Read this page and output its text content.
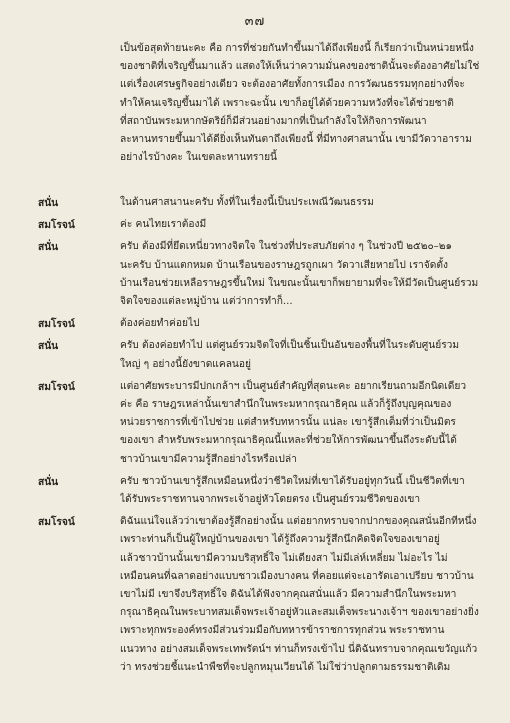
๓๗

เป็นข้อสุดท้ายนะคะ คือ การที่ช่วยกันทำขึ้นมาได้ถึงเพียงนี้ ก็เรียกว่าเป็นหน่วยหนึ่ง

ของชาติที่เจริญขึ้นมาแล้ว แสดงให้เห็นว่าความมั่นคงของชาตินั้นจะต้องอาศัยไม่ใช่

แต่เรื่องเศรษฐกิจอย่างเดียว จะต้องอาศัยทั้งการเมือง การวัฒนธรรมทุกอย่างที่จะ

ทำให้คนเจริญขึ้นมาได้ เพราะฉะนั้น เขาก็อยู่ได้ด้วยความหวังที่จะได้ช่วยชาติ

ที่สถาบันพระมหากษัตริย์ก็มีส่วนอย่างมากที่เป็นกำลังใจให้กิจการพัฒนา

ละหานทรายขึ้นมาได้ดียิ่งเห็นทันตาถึงเพียงนี้ ที่มีทางศาสนานั้น เขามีวัดวาอาราม

อย่างไรบ้างคะ ในเขตละหานทรายนี้

สนั่น	ในด้านศาสนานะครับ ทั้งที่ในเรื่องนี้เป็นประเพณีวัฒนธรรม
สมโรจน์	ค่ะ คนไทยเราต้องมี
สนั่น	ครับ ต้องมีที่ยึดเหนี่ยวทางจิตใจ ในช่วงที่ประสบภัยต่าง ๆ ในช่วงปี ๒๕๒๐–๒๑
นะครับ บ้านแตกหมด บ้านเรือนของราษฎรถูกเผา วัดวาเสียหายไป เราจัดตั้ง
บ้านเรือนช่วยเหลือราษฎรขึ้นใหม่ ในขณะนั้นเขาก็พยายามที่จะให้มีวัดเป็นศูนย์รวม
จิตใจของแต่ละหมู่บ้าน แต่ว่าการทำก็...
สมโรจน์	ต้องค่อยทำค่อยไป
สนั่น	ครับ ต้องค่อยทำไป แต่ศูนย์รวมจิตใจที่เป็นชิ้นเป็นอันของพื้นที่ในระดับศูนย์รวม
ใหญ่ ๆ อย่างนี้ยังขาดแคลนอยู่
สมโรจน์	แต่อาศัยพระบารมีปกเกล้าฯ เป็นศูนย์สำคัญที่สุดนะคะ อยากเรียนถามอีกนิดเดียว
ค่ะ คือ ราษฎรเหล่านั้นเขาสำนึกในพระมหากรุณาธิคุณ แล้วก็รู้ถึงบุญคุณของ
หน่วยราชการที่เข้าไปช่วย แต่สำหรับทหารนั้น แน่ละ เขารู้สึกเต็มที่ว่าเป็นมิตร
ของเขา สำหรับพระมหากรุณาธิคุณนี้แหละที่ช่วยให้การพัฒนาขึ้นถึงระดับนี้ได้
ชาวบ้านเขามีความรู้สึกอย่างไรหรือเปล่า
สนั่น	ครับ ชาวบ้านเขารู้สึกเหมือนหนึ่งว่าชีวิตใหม่ที่เขาได้รับอยู่ทุกวันนี้ เป็นชีวิตที่เขา
ได้รับพระราชทานจากพระเจ้าอยู่หัวโดยตรง เป็นศูนย์รวมชีวิตของเขา
สมโรจน์	ดิฉันแน่ใจแล้วว่าเขาต้องรู้สึกอย่างนั้น แต่อยากทราบจากปากของคุณสนั่นอีกทีหนึ่ง
เพราะท่านก็เป็นผู้ใหญ่บ้านของเขา ได้รู้ถึงความรู้สึกนึกคิดจิตใจของเขาอยู่
แล้วชาวบ้านนั้นเขามีความบริสุทธิ์ใจ ไม่เดียงสา ไม่มีเล่ห์เหลี่ยม ไม่อะไร ไม่
เหมือนคนที่ฉลาดอย่างแบบชาวเมืองบางคน ที่คอยแต่จะเอารัดเอาเปรียบ ชาวบ้าน
เขาไม่มี เขาจึงบริสุทธิ์ใจ ดิฉันได้ฟังจากคุณสนั่นแล้ว มีความสำนึกในพระมหา
กรุณาธิคุณในพระบาทสมเด็จพระเจ้าอยู่หัวและสมเด็จพระนางเจ้าฯ ของเขาอย่างยิ่ง
เพราะทุกพระองค์ทรงมีส่วนร่วมมือกับทหารข้าราชการทุกส่วน พระราชทาน
แนวทาง อย่างสมเด็จพระเทพรัตน์ฯ ท่านก็ทรงเข้าไป นี่ดิฉันทราบจากคุณเขวัญแก้ว
ว่า ทรงช่วยชี้แนะนำพืชที่จะปลูกหมุนเวียนได้ ไม่ใช่ว่าปลูกตามธรรมชาติเดิม
